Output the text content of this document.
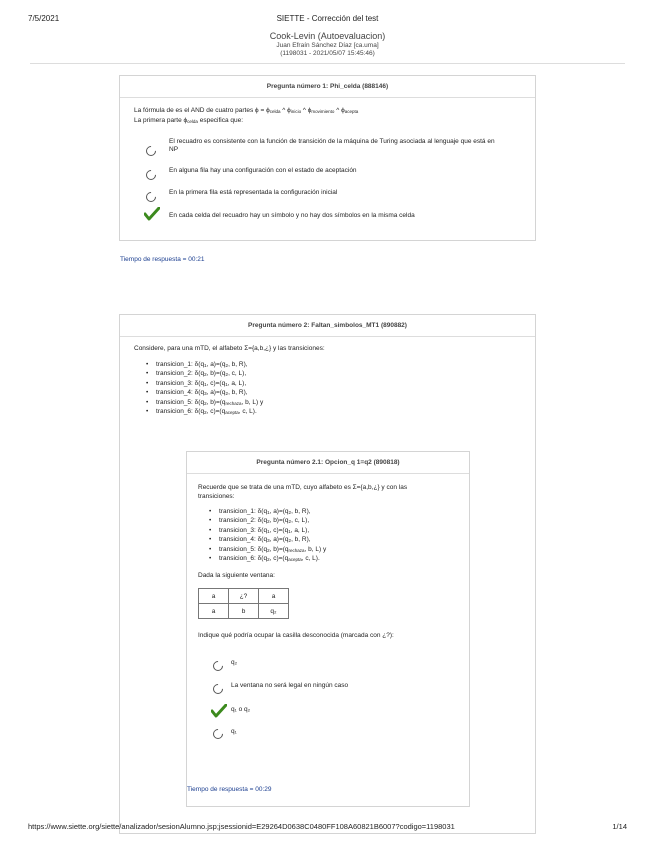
7/5/2021	SIETTE - Corrección del test
Cook-Levin (Autoevaluacion)
Juan Efraín Sánchez Díaz [ca.uma]
(1198031 - 2021/05/07 15:45:46)
Pregunta número 1: Phi_celda (888146)
La fórmula de es el AND de cuatro partes $\phi = \phi_{celda}$ ^ $\phi_{inicio}$ ^ $\phi_{movimiento}$ ^ $\phi_{acepta}$
La primera parte $\phi_{celda}$ especifica que:
El recuadro es consistente con la función de transición de la máquina de Turing asociada al lenguaje que está en NP
En alguna fila hay una configuración con el estado de aceptación
En la primera fila está representada la configuración inicial
En cada celda del recuadro hay un símbolo y no hay dos símbolos en la misma celda
Tiempo de respuesta = 00:21
Pregunta número 2: Faltan_simbolos_MT1 (890882)
Considere, para una mTD, el alfabeto Σ={a,b,¿} y las transiciones:
• transicion_1: $\delta(q_1$, $a)=(q_2$, b, R),
• transicion_2: $\delta(q_2$, $b)=(q_2$, c, L),
• transicion_3: $\delta(q_1$, $c)=(q_1$, a, L),
• transicion_4: $\delta(q_3$, $a)=(q_2$, b, R),
• transicion_5: $\delta(q_2$, $b)=(q_{rechaza}$, b, L) y
• transicion_6: $\delta(q_2$, $c)=(q_{acepta}$, c, L).
Pregunta número 2.1: Opcion_q 1=q2 (890818)
Recuerde que se trata de una mTD, cuyo alfabeto es Σ={a,b,¿} y con las
transiciones:
• transicion_1: $\delta(q_1$, $a)=(q_2$, b, R),
• transicion_2: $\delta(q_2$, $b)=(q_2$, c, L),
• transicion_3: $\delta(q_1$, $c)=(q_1$, a, L),
• transicion_4: $\delta(q_3$, $a)=(q_2$, b, R),
• transicion_5: $\delta(q_2$, $b)=(q_{rechaza}$, b, L) y
• transicion_6: $\delta(q_2$, $c)=(q_{acepta}$, c, L).
Dada la siguiente ventana:
a	¿?	a
a	b	q₂
Indique qué podría ocupar la casilla desconocida (marcada con ¿?):
q₂
La ventana no será legal en ningún caso
q₁ o q₂
q₁
Tiempo de respuesta = 00:29
https://www.siette.org/siette/analizador/sesionAlumno.jsp;jsessionid=E29264D0638C0480FF108A60821B6007?codigo=1198031	1/14
